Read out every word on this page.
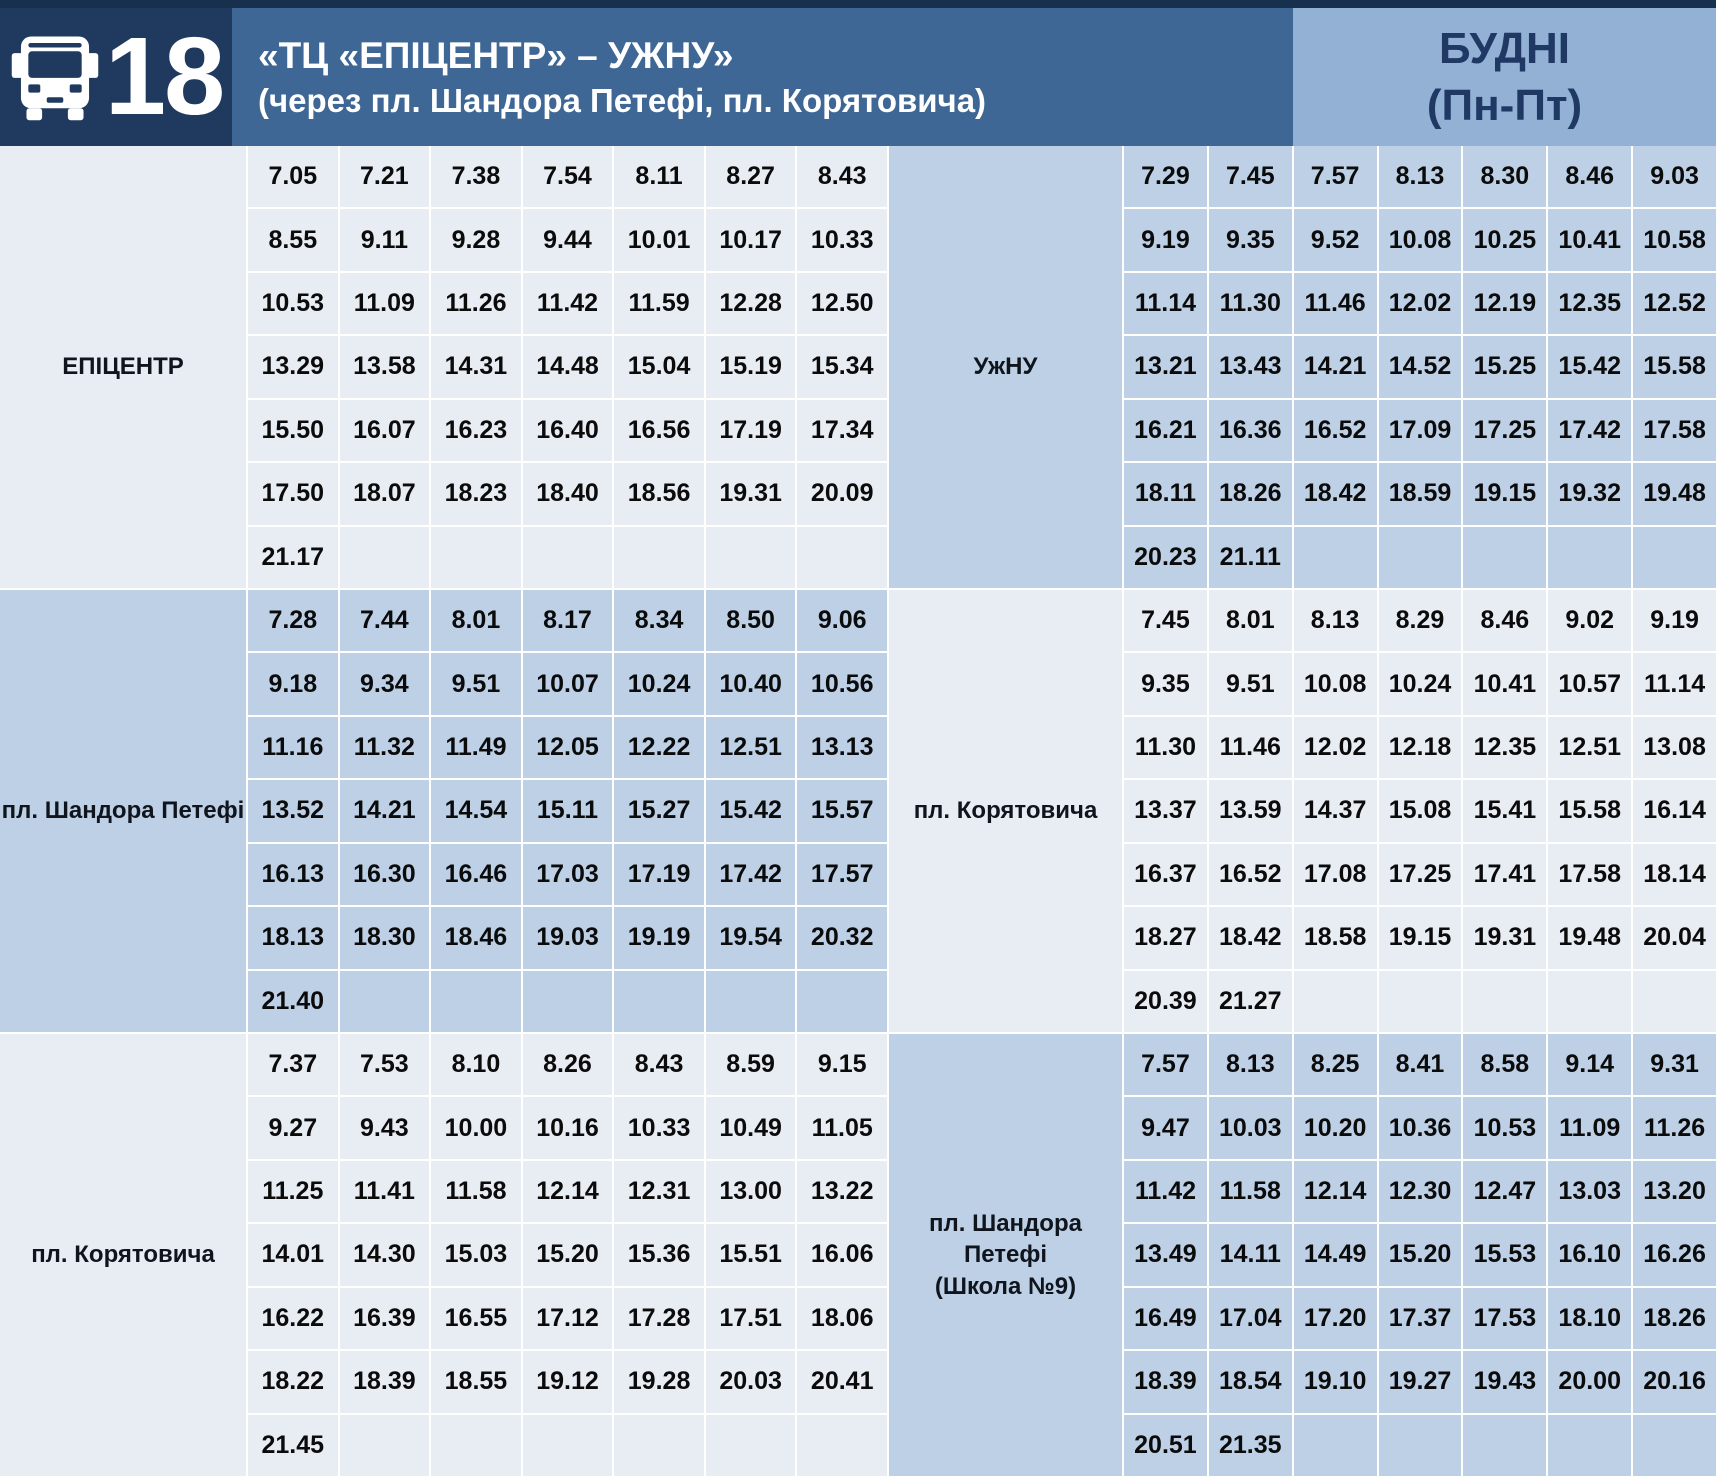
18 «ТЦ «ЕПІЦЕНТР» – УЖНУ»
(через пл. Шандора Петефі, пл. Корятовича)
БУДНІ
(Пн-Пт)
ЕПІЦЕНТР
7.05	7.21	7.38	7.54	8.11	8.27	8.43
8.55	9.11	9.28	9.44	10.01	10.17	10.33
10.53	11.09	11.26	11.42	11.59	12.28	12.50
13.29	13.58	14.31	14.48	15.04	15.19	15.34
15.50	16.07	16.23	16.40	16.56	17.19	17.34
17.50	18.07	18.23	18.40	18.56	19.31	20.09
21.17
УжНУ
7.29	7.45	7.57	8.13	8.30	8.46	9.03
9.19	9.35	9.52	10.08 10.25 10.41 10.58
11.14 11.30 11.46 12.02 12.19 12.35 12.52
13.21 13.43 14.21 14.52 15.25 15.42 15.58
16.21 16.36 16.52 17.09 17.25 17.42 17.58
18.11 18.26 18.42 18.59 19.15 19.32 19.48
20.23 21.11
пл. Шандора Петефі
7.28	7.44	8.01	8.17	8.34	8.50	9.06
9.18	9.34	9.51	10.07	10.24	10.40	10.56
11.16	11.32	11.49	12.05	12.22	12.51	13.13
13.52	14.21	14.54	15.11	15.27	15.42	15.57
16.13	16.30	16.46	17.03	17.19	17.42	17.57
18.13	18.30	18.46	19.03	19.19	19.54	20.32
21.40
пл. Корятовича
7.45	8.01	8.13	8.29	8.46	9.02	9.19
9.35	9.51	10.08 10.24 10.41 10.57 11.14
11.30 11.46 12.02 12.18 12.35 12.51 13.08
13.37 13.59 14.37 15.08 15.41 15.58 16.14
16.37 16.52 17.08 17.25 17.41 17.58 18.14
18.27 18.42 18.58 19.15 19.31 19.48 20.04
20.39 21.27
пл. Корятовича
7.37	7.53	8.10	8.26	8.43	8.59	9.15
9.27	9.43	10.00	10.16	10.33	10.49	11.05
11.25	11.41	11.58	12.14	12.31	13.00	13.22
14.01	14.30	15.03	15.20	15.36	15.51	16.06
16.22	16.39	16.55	17.12	17.28	17.51	18.06
18.22	18.39	18.55	19.12	19.28	20.03	20.41
21.45
пл. Шандора Петефі
(Школа №9)
7.57	8.13	8.25	8.41	8.58	9.14	9.31
9.47	10.03 10.20 10.36 10.53 11.09 11.26
11.42 11.58 12.14 12.30 12.47 13.03 13.20
13.49 14.11 14.49 15.20 15.53 16.10 16.26
16.49 17.04 17.20 17.37 17.53 18.10 18.26
18.39 18.54 19.10 19.27 19.43 20.00 20.16
20.51 21.35
